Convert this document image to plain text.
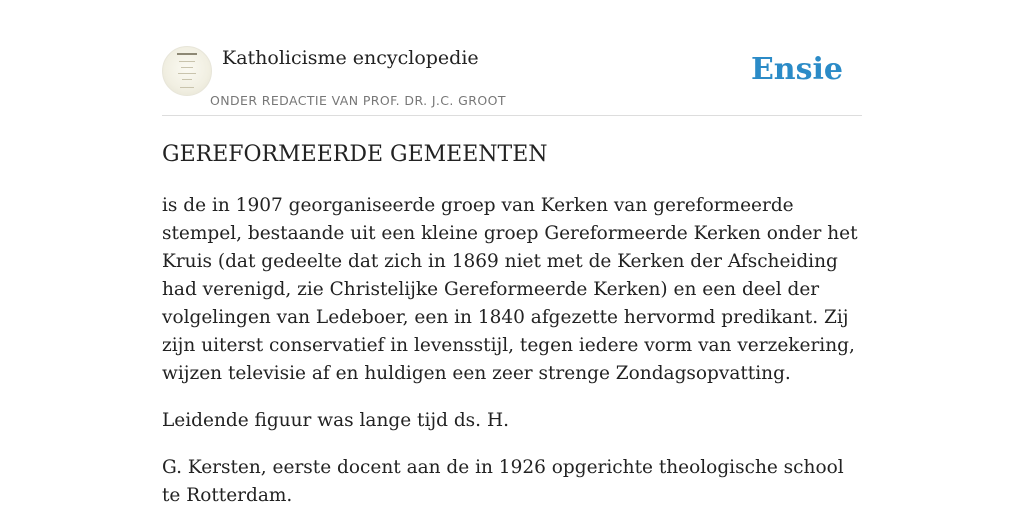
Katholicisme encyclopedie
ONDER REDACTIE VAN PROF. DR. J.C. GROOT
Ensie
GEREFORMEERDE GEMEENTEN

is de in 1907 georganiseerde groep van Kerken van gereformeerde stempel, bestaande uit een kleine groep Gereformeerde Kerken onder het Kruis (dat gedeelte dat zich in 1869 niet met de Kerken der Afscheiding had verenigd, zie Christelijke Gereformeerde Kerken) en een deel der volgelingen van Ledeboer, een in 1840 afgezette hervormd predikant. Zij zijn uiterst conservatief in levensstijl, tegen iedere vorm van verzekering, wijzen televisie af en huldigen een zeer strenge Zondagsopvatting.

Leidende figuur was lange tijd ds. H.

G. Kersten, eerste docent aan de in 1926 opgerichte theologische school te Rotterdam.
